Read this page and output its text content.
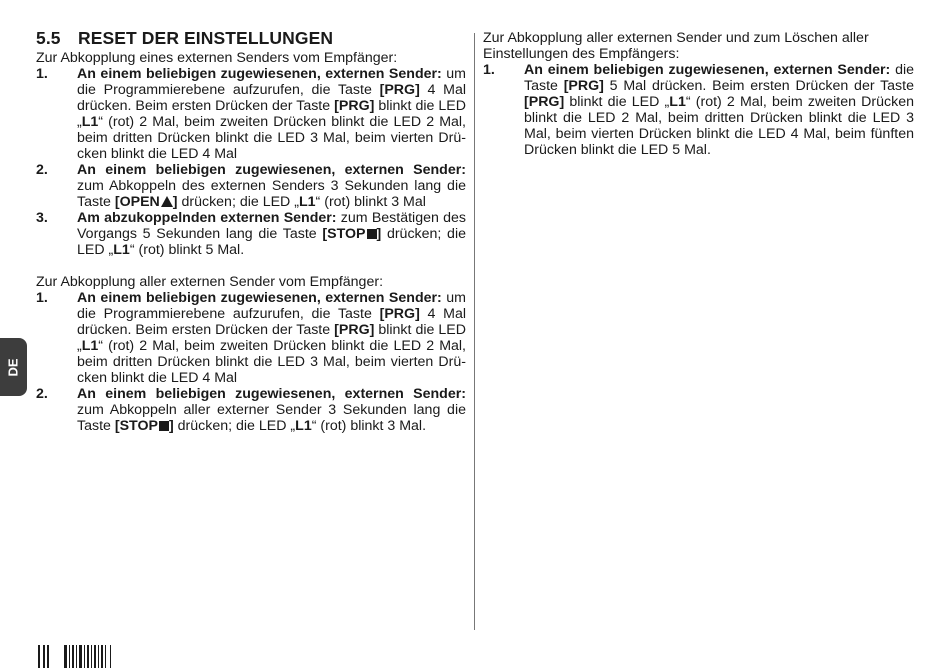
5.5 RESET DER EINSTELLUNGEN

Zur Abkopplung eines externen Senders vom Empfänger:

1. An einem beliebigen zugewiesenen, externen Sender: um die Programmierebene aufzurufen, die Taste [PRG] 4 Mal drücken. Beim ersten Drücken der Taste [PRG] blinkt die LED „L1“ (rot) 2 Mal, beim zweiten Drücken blinkt die LED 2 Mal, beim dritten Drücken blinkt die LED 3 Mal, beim vierten Drücken blinkt die LED 4 Mal
2. An einem beliebigen zugewiesenen, externen Sender: zum Abkoppeln des externen Senders 3 Sekunden lang die Taste [OPEN ] drücken; die LED „L1“ (rot) blinkt 3 Mal
3. Am abzukoppelnden externen Sender: zum Bestätigen des Vorgangs 5 Sekunden lang die Taste [STOP ] drücken; die LED „L1“ (rot) blinkt 5 Mal.

Zur Abkopplung aller externen Sender vom Empfänger:

1. An einem beliebigen zugewiesenen, externen Sender: um die Programmierebene aufzurufen, die Taste [PRG] 4 Mal drücken. Beim ersten Drücken der Taste [PRG] blinkt die LED „L1“ (rot) 2 Mal, beim zweiten Drücken blinkt die LED 2 Mal, beim dritten Drücken blinkt die LED 3 Mal, beim vierten Drücken blinkt die LED 4 Mal
2. An einem beliebigen zugewiesenen, externen Sender: zum Abkoppeln aller externer Sender 3 Sekunden lang die Taste [STOP ] drücken; die LED „L1“ (rot) blinkt 3 Mal.

Zur Abkopplung aller externen Sender und zum Löschen aller Einstellungen des Empfängers:

1. An einem beliebigen zugewiesenen, externen Sender: die Taste [PRG] 5 Mal drücken. Beim ersten Drücken der Taste [PRG] blinkt die LED „L1“ (rot) 2 Mal, beim zweiten Drücken blinkt die LED 2 Mal, beim dritten Drücken blinkt die LED 3 Mal, beim vierten Drücken blinkt die LED 4 Mal, beim fünften Drücken blinkt die LED 5 Mal.
DE
